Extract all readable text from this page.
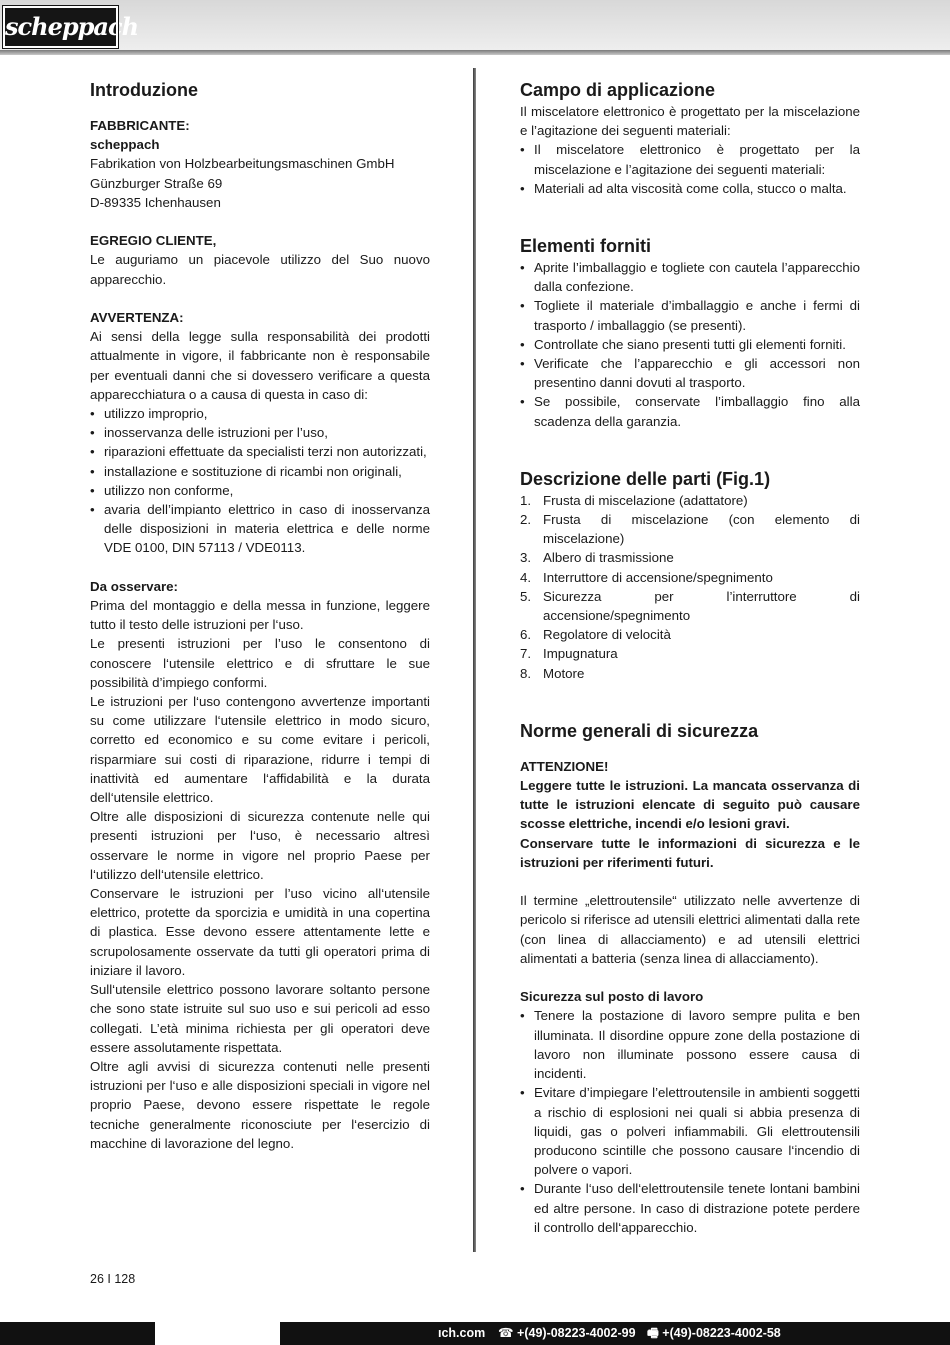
scheppach
Introduzione
FABBRICANTE:
scheppach
Fabrikation von Holzbearbeitungsmaschinen GmbH
Günzburger Straße 69
D-89335 Ichenhausen
EGREGIO CLIENTE,

Le auguriamo un piacevole utilizzo del Suo nuovo apparecchio.

AVVERTENZA:

Ai sensi della legge sulla responsabilità dei prodotti attualmente in vigore, il fabbricante non è responsabile per eventuali danni che si dovessero verificare a questa apparecchiatura o a causa di questa in caso di:

• utilizzo improprio,
• inosservanza delle istruzioni per l’uso,
• riparazioni effettuate da specialisti terzi non autorizzati,
• installazione e sostituzione di ricambi non originali,
• utilizzo non conforme,
• avaria dell’impianto elettrico in caso di inosservanza delle disposizioni in materia elettrica e delle norme VDE 0100, DIN 57113 / VDE0113.
Da osservare:

Prima del montaggio e della messa in funzione, leggere tutto il testo delle istruzioni per l‘uso.

Le presenti istruzioni per l’uso le consentono di conoscere l‘utensile elettrico e di sfruttare le sue possibilità d’impiego conformi.

Le istruzioni per l‘uso contengono avvertenze importanti su come utilizzare l‘utensile elettrico in modo sicuro, corretto ed economico e su come evitare i pericoli, risparmiare sui costi di riparazione, ridurre i tempi di inattività ed aumentare l‘affidabilità e la durata dell‘utensile elettrico.

Oltre alle disposizioni di sicurezza contenute nelle qui presenti istruzioni per l‘uso, è necessario altresì osservare le norme in vigore nel proprio Paese per l‘utilizzo dell‘utensile elettrico.

Conservare le istruzioni per l’uso vicino all‘utensile elettrico, protette da sporcizia e umidità in una copertina di plastica. Esse devono essere attentamente lette e scrupolosamente osservate da tutti gli operatori prima di iniziare il lavoro.

Sull‘utensile elettrico possono lavorare soltanto persone che sono state istruite sul suo uso e sui pericoli ad esso collegati. L’età minima richiesta per gli operatori deve essere assolutamente rispettata.

Oltre agli avvisi di sicurezza contenuti nelle presenti istruzioni per l‘uso e alle disposizioni speciali in vigore nel proprio Paese, devono essere rispettate le regole tecniche generalmente riconosciute per l‘esercizio di macchine di lavorazione del legno.

Campo di applicazione

Il miscelatore elettronico è progettato per la miscelazione e l’agitazione dei seguenti materiali:

• Il miscelatore elettronico è progettato per la miscelazione e l’agitazione dei seguenti materiali:
• Materiali ad alta viscosità come colla, stucco o malta.
Elementi forniti
• Aprite l’imballaggio e togliete con cautela l’apparecchio dalla confezione.
• Togliete il materiale d’imballaggio e anche i fermi di trasporto / imballaggio (se presenti).
• Controllate che siano presenti tutti gli elementi forniti.
• Verificate che l’apparecchio e gli accessori non presentino danni dovuti al trasporto.
• Se possibile, conservate l’imballaggio fino alla scadenza della garanzia.
Descrizione delle parti (Fig.1)
1. Frusta di miscelazione (adattatore)
2. Frusta di miscelazione (con elemento di miscelazione)
3. Albero di trasmissione
4. Interruttore di accensione/spegnimento
5. Sicurezza per l’interruttore di accensione/spegnimento
6. Regolatore di velocità
7. Impugnatura
8. Motore
Norme generali di sicurezza
ATTENZIONE!

Leggere tutte le istruzioni. La mancata osservanza di tutte le istruzioni elencate di seguito può causare scosse elettriche, incendi e/o lesioni gravi.

Conservare tutte le informazioni di sicurezza e le istruzioni per riferimenti futuri.

Il termine „elettroutensile“ utilizzato nelle avvertenze di pericolo si riferisce ad utensili elettrici alimentati dalla rete (con linea di allacciamento) e ad utensili elettrici alimentati a batteria (senza linea di allacciamento).

Sicurezza sul posto di lavoro
• Tenere la postazione di lavoro sempre pulita e ben illuminata. Il disordine oppure zone della postazione di lavoro non illuminate possono essere causa di incidenti.
• Evitare d’impiegare l’elettroutensile in ambienti soggetti a rischio di esplosioni nei quali si abbia presenza di liquidi, gas o polveri infiammabili. Gli elettroutensili producono scintille che possono causare l‘incendio di polvere o vapori.
• Durante l‘uso dell‘elettroutensile tenete lontani bambini ed altre persone. In caso di distrazione potete perdere il controllo dell‘apparecchio.
26 I 128
ıch.com ☎ +(49)-08223-4002-99 🖷 +(49)-08223-4002-58
